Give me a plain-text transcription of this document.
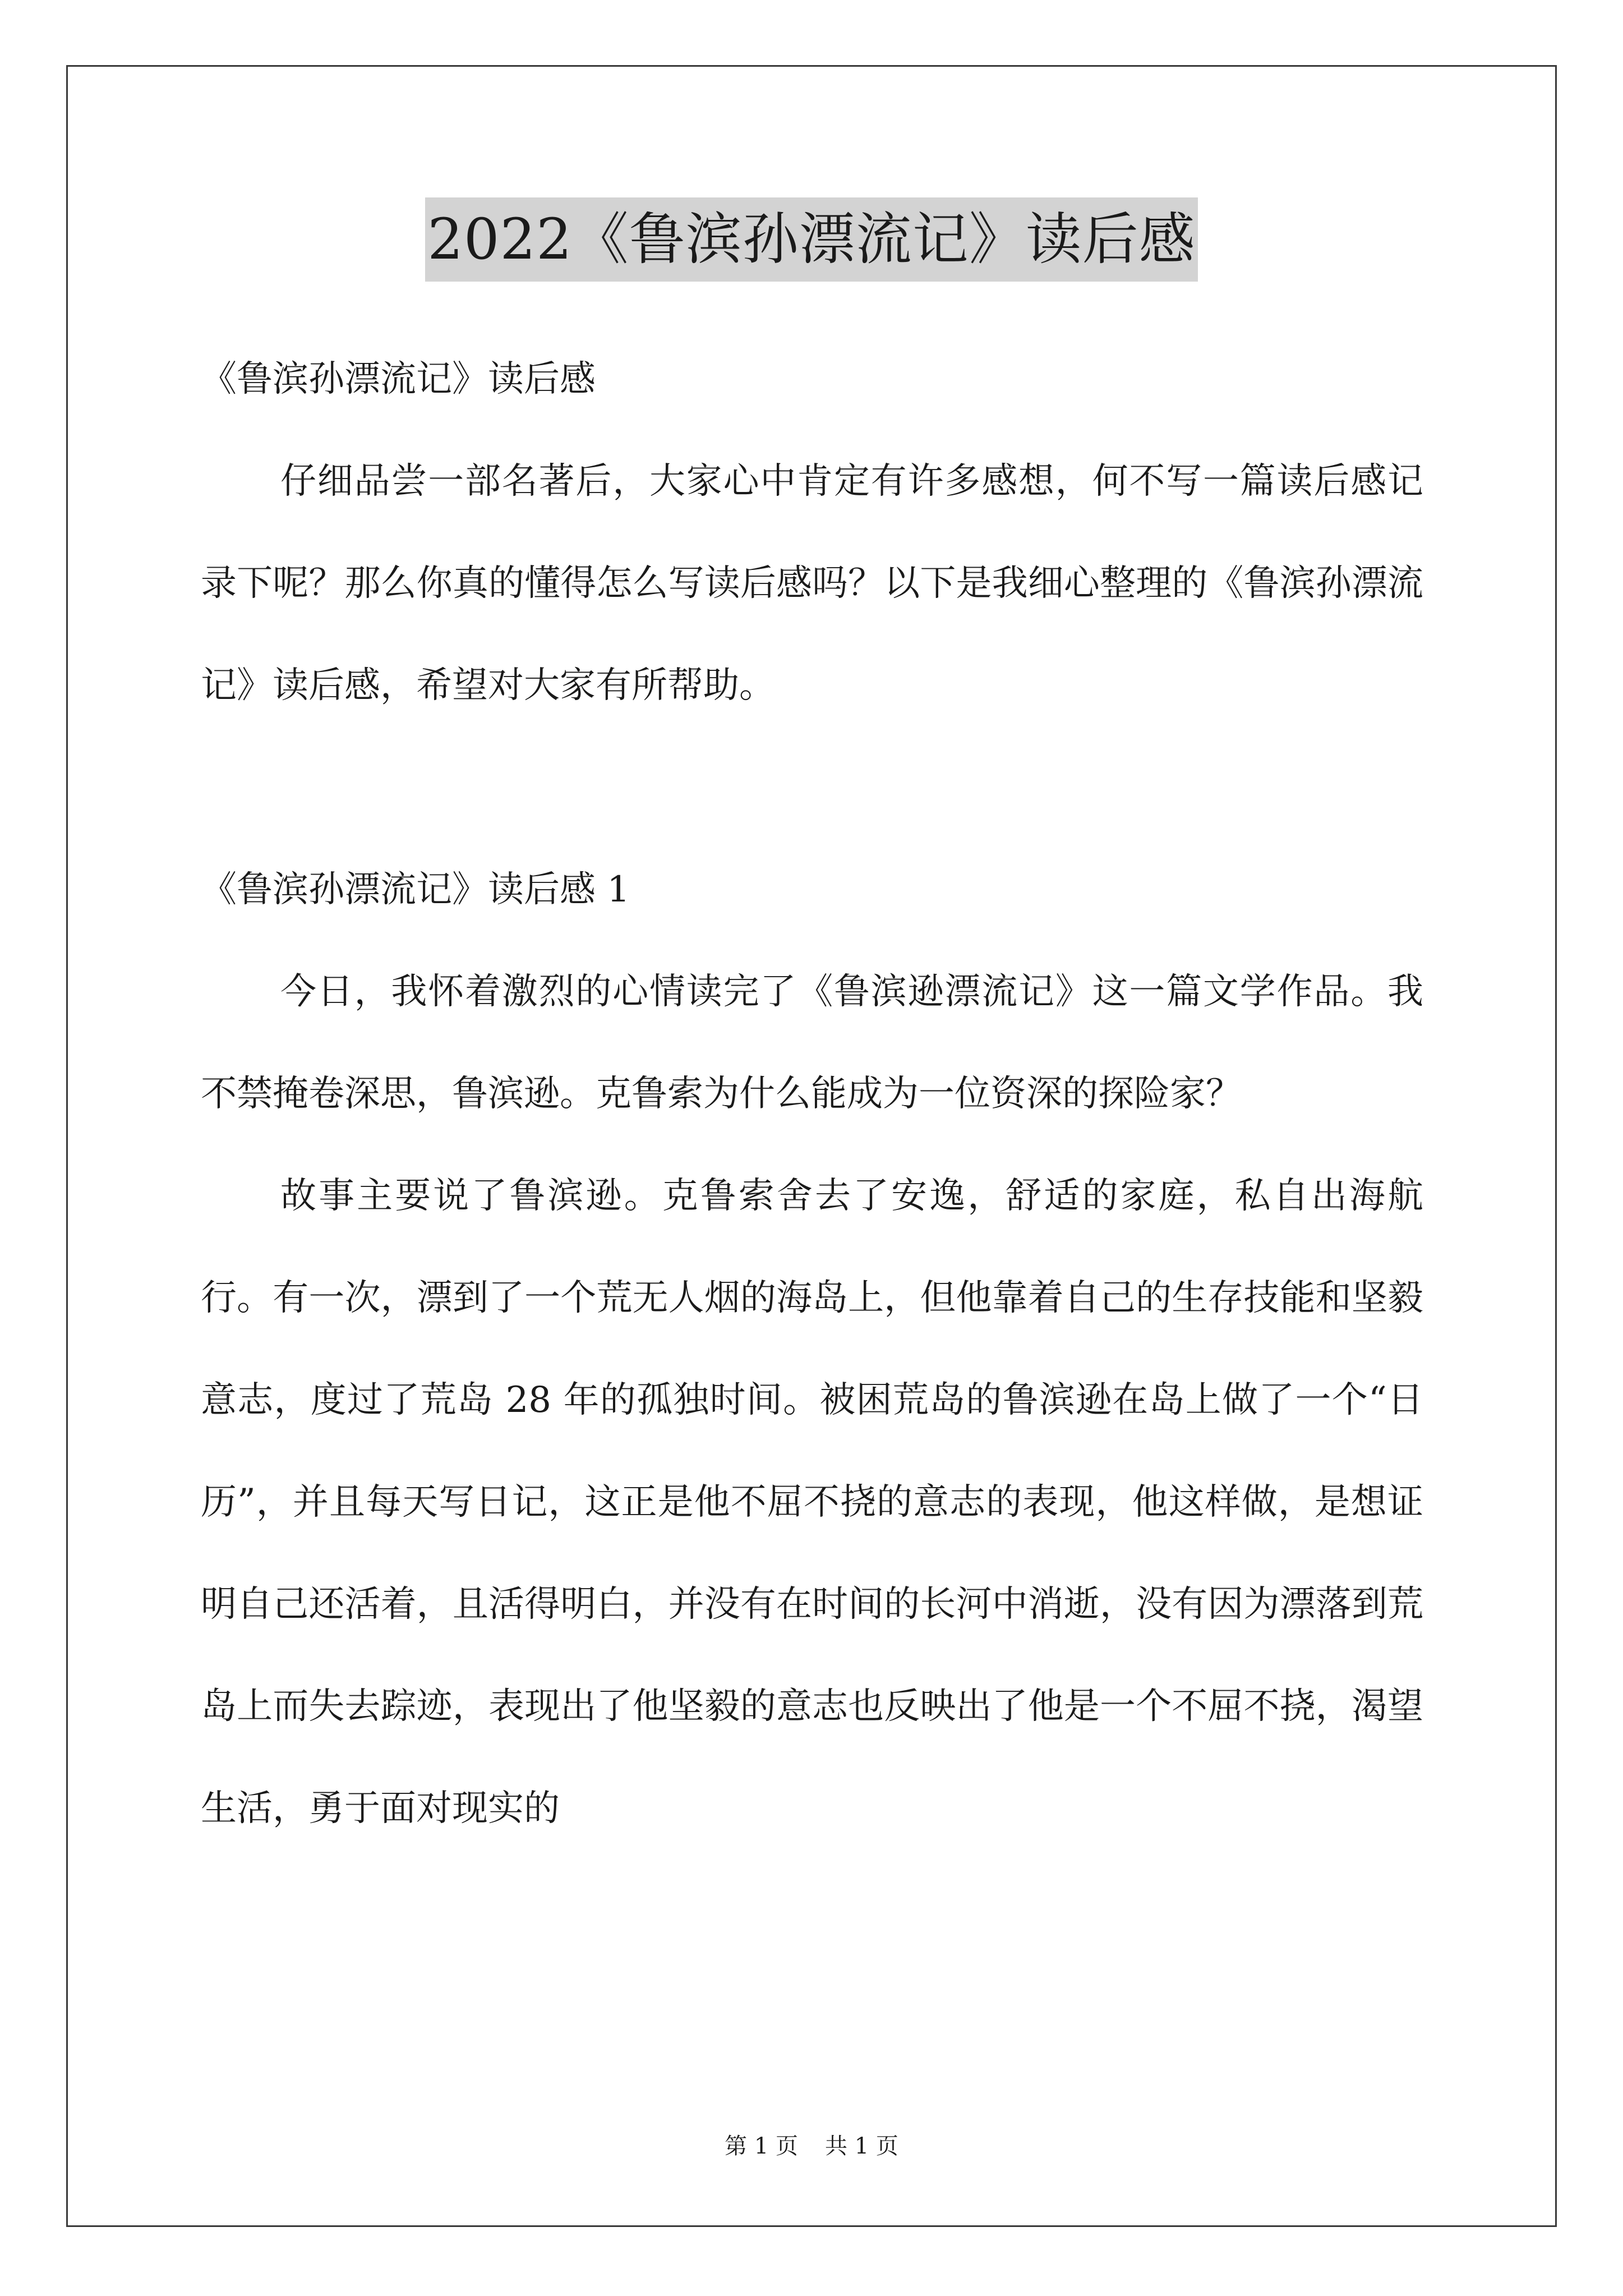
2022《鲁滨孙漂流记》读后感
《鲁滨孙漂流记》读后感

仔细品尝一部名著后，大家心中肯定有许多感想，何不写一篇读后感记录下呢？那么你真的懂得怎么写读后感吗？以下是我细心整理的《鲁滨孙漂流记》读后感，希望对大家有所帮助。

《鲁滨孙漂流记》读后感 1

今日，我怀着激烈的心情读完了《鲁滨逊漂流记》这一篇文学作品。我不禁掩卷深思，鲁滨逊。克鲁索为什么能成为一位资深的探险家？

故事主要说了鲁滨逊。克鲁索舍去了安逸，舒适的家庭，私自出海航行。有一次，漂到了一个荒无人烟的海岛上，但他靠着自己的生存技能和坚毅意志，度过了荒岛 28 年的孤独时间。被困荒岛的鲁滨逊在岛上做了一个“日历”，并且每天写日记，这正是他不屈不挠的意志的表现，他这样做，是想证明自己还活着，且活得明白，并没有在时间的长河中消逝，没有因为漂落到荒岛上而失去踪迹，表现出了他坚毅的意志也反映出了他是一个不屈不挠，渴望生活，勇于面对现实的

第 1 页 共 1 页
